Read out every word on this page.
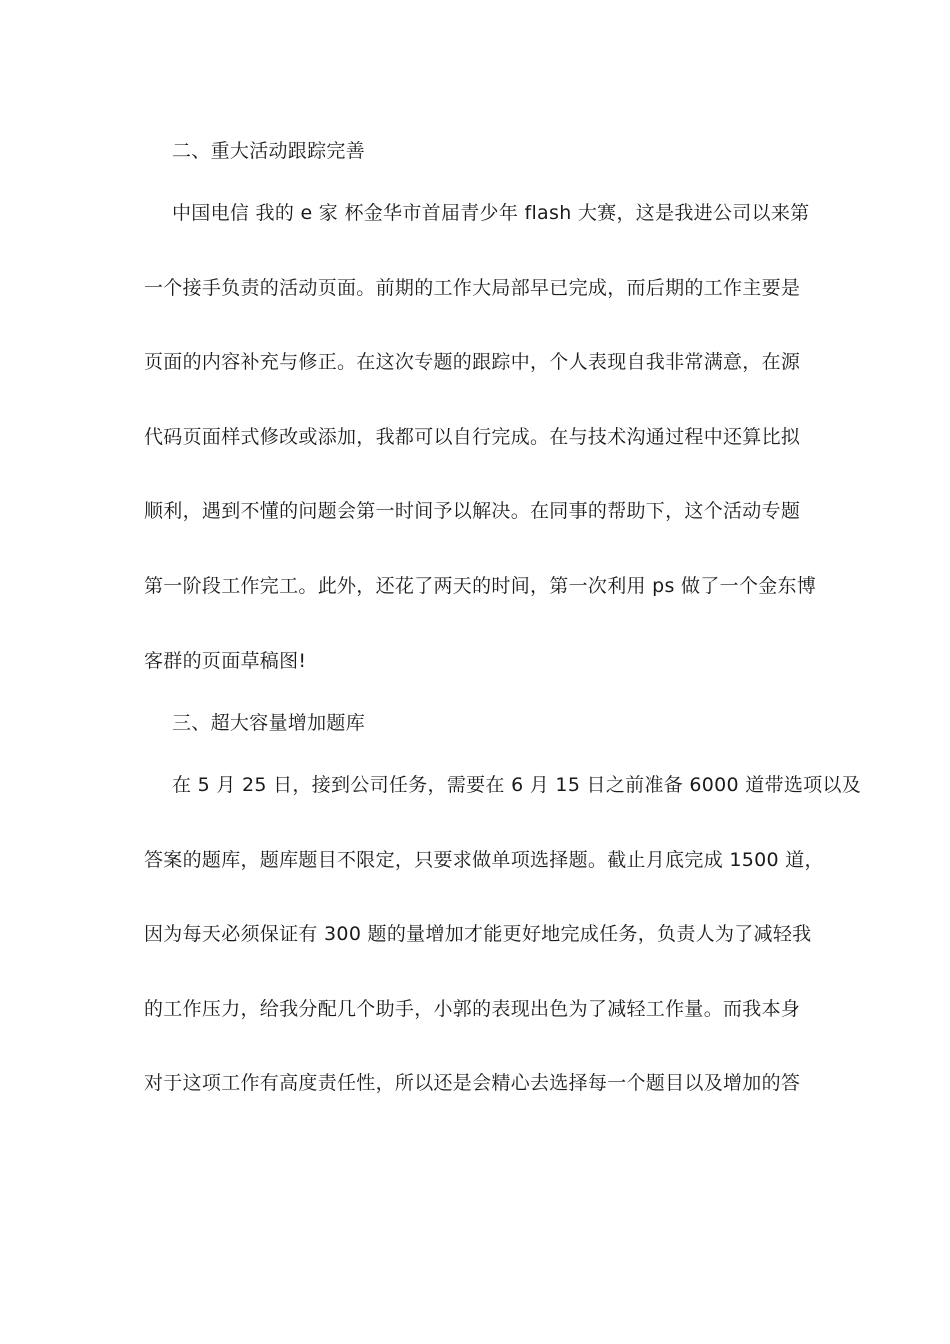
二、重大活动跟踪完善
中国电信 我的 e 家 杯金华市首届青少年 flash 大赛，这是我进公司以来第
一个接手负责的活动页面。前期的工作大局部早已完成，而后期的工作主要是
页面的内容补充与修正。在这次专题的跟踪中，个人表现自我非常满意，在源
代码页面样式修改或添加，我都可以自行完成。在与技术沟通过程中还算比拟
顺利，遇到不懂的问题会第一时间予以解决。在同事的帮助下，这个活动专题
第一阶段工作完工。此外，还花了两天的时间，第一次利用 ps 做了一个金东博
客群的页面草稿图!
三、超大容量增加题库
在 5 月 25 日，接到公司任务，需要在 6 月 15 日之前准备 6000 道带选项以及
答案的题库，题库题目不限定，只要求做单项选择题。截止月底完成 1500 道，
因为每天必须保证有 300 题的量增加才能更好地完成任务，负责人为了减轻我
的工作压力，给我分配几个助手，小郭的表现出色为了减轻工作量。而我本身
对于这项工作有高度责任性，所以还是会精心去选择每一个题目以及增加的答
